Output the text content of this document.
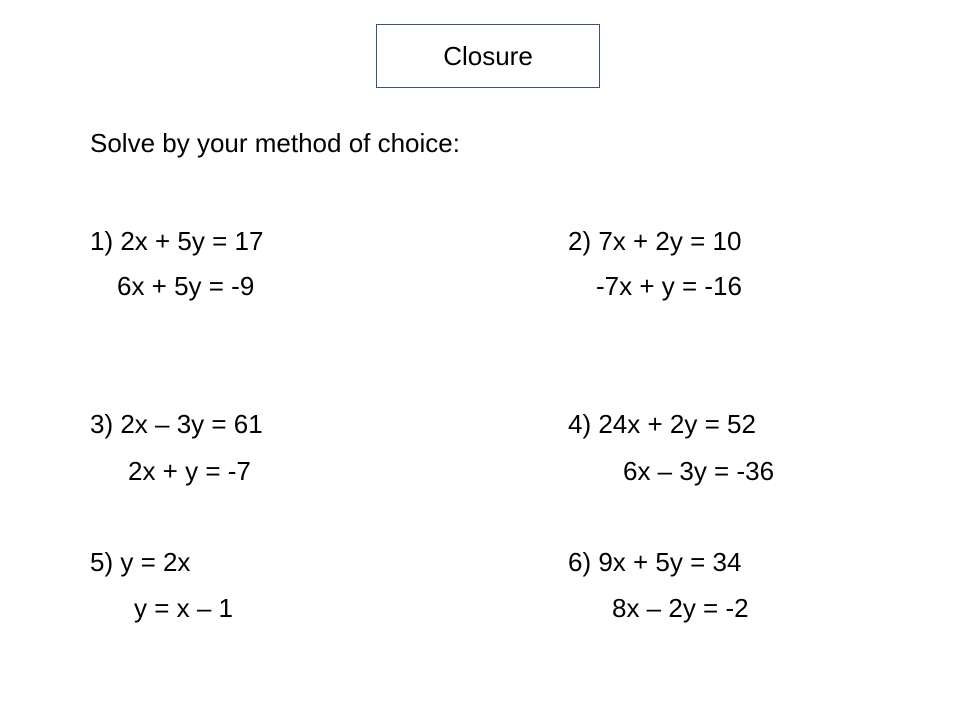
Closure
Solve by your method of choice:
1) 2x + 5y = 17
6x + 5y = -9
2) 7x + 2y = 10
-7x + y = -16
3) 2x – 3y = 61
2x + y = -7
4) 24x + 2y = 52
6x – 3y = -36
5) y = 2x
y = x – 1
6) 9x + 5y = 34
8x – 2y = -2
